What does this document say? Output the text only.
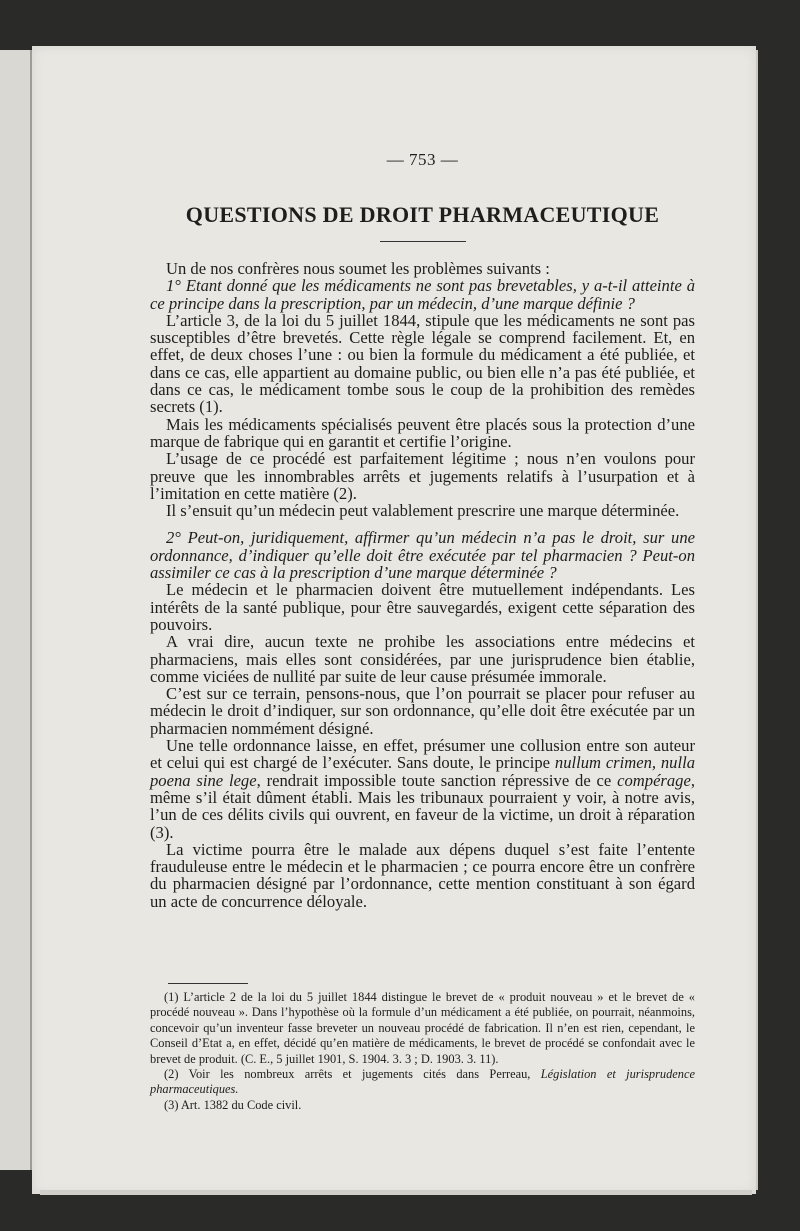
— 753 —
QUESTIONS DE DROIT PHARMACEUTIQUE

Un de nos confrères nous soumet les problèmes suivants :

1° Etant donné que les médicaments ne sont pas brevetables, y a-t-il atteinte à ce principe dans la prescription, par un médecin, d’une marque définie ?

L’article 3, de la loi du 5 juillet 1844, stipule que les médicaments ne sont pas susceptibles d’être brevetés. Cette règle légale se comprend facilement. Et, en effet, de deux choses l’une : ou bien la formule du médicament a été publiée, et dans ce cas, elle appartient au domaine public, ou bien elle n’a pas été publiée, et dans ce cas, le médicament tombe sous le coup de la prohibition des remèdes secrets (1).

Mais les médicaments spécialisés peuvent être placés sous la protection d’une marque de fabrique qui en garantit et certifie l’origine.

L’usage de ce procédé est parfaitement légitime ; nous n’en voulons pour preuve que les innombrables arrêts et jugements relatifs à l’usurpation et à l’imitation en cette matière (2).

Il s’ensuit qu’un médecin peut valablement prescrire une marque déterminée.

2° Peut-on, juridiquement, affirmer qu’un médecin n’a pas le droit, sur une ordonnance, d’indiquer qu’elle doit être exécutée par tel pharmacien ? Peut-on assimiler ce cas à la prescription d’une marque déterminée ?

Le médecin et le pharmacien doivent être mutuellement indépendants. Les intérêts de la santé publique, pour être sauvegardés, exigent cette séparation des pouvoirs.

A vrai dire, aucun texte ne prohibe les associations entre médecins et pharmaciens, mais elles sont considérées, par une jurisprudence bien établie, comme viciées de nullité par suite de leur cause présumée immorale.

C’est sur ce terrain, pensons-nous, que l’on pourrait se placer pour refuser au médecin le droit d’indiquer, sur son ordonnance, qu’elle doit être exécutée par un pharmacien nommément désigné.

Une telle ordonnance laisse, en effet, présumer une collusion entre son auteur et celui qui est chargé de l’exécuter. Sans doute, le principe nullum crimen, nulla poena sine lege, rendrait impossible toute sanction répressive de ce compérage, même s’il était dûment établi. Mais les tribunaux pourraient y voir, à notre avis, l’un de ces délits civils qui ouvrent, en faveur de la victime, un droit à réparation (3).

La victime pourra être le malade aux dépens duquel s’est faite l’entente frauduleuse entre le médecin et le pharmacien ; ce pourra encore être un confrère du pharmacien désigné par l’ordonnance, cette mention constituant à son égard un acte de concurrence déloyale.

(1) L’article 2 de la loi du 5 juillet 1844 distingue le brevet de « produit nouveau » et le brevet de « procédé nouveau ». Dans l’hypothèse où la formule d’un médicament a été publiée, on pourrait, néanmoins, concevoir qu’un inventeur fasse breveter un nouveau procédé de fabrication. Il n’en est rien, cependant, le Conseil d’Etat a, en effet, décidé qu’en matière de médicaments, le brevet de procédé se confondait avec le brevet de produit. (C. E., 5 juillet 1901, S. 1904. 3. 3 ; D. 1903. 3. 11).

(2) Voir les nombreux arrêts et jugements cités dans Perreau, Législation et jurisprudence pharmaceutiques.

(3) Art. 1382 du Code civil.
